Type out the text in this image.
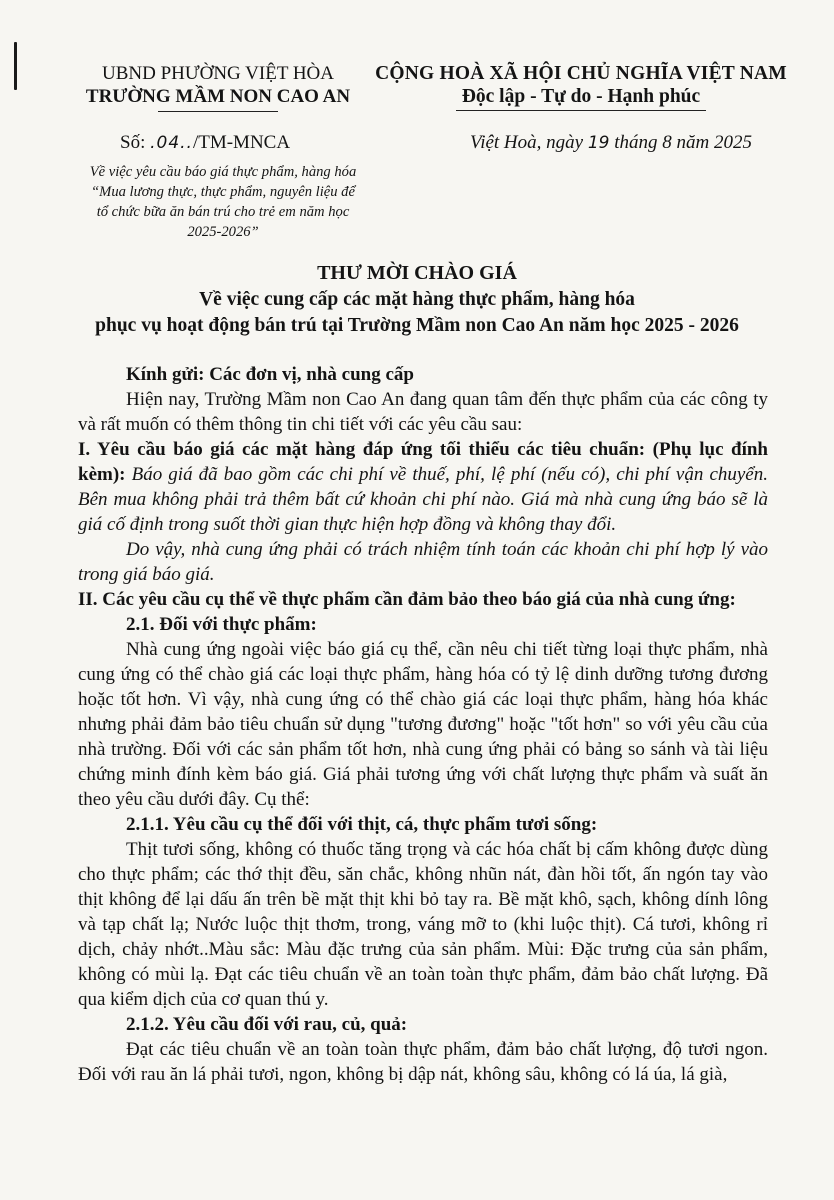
UBND PHƯỜNG VIỆT HÒA
TRƯỜNG MẦM NON CAO AN
CỘNG HOÀ XÃ HỘI CHỦ NGHĨA VIỆT NAM
Độc lập - Tự do - Hạnh phúc
Số: .04../TM-MNCA	Việt Hoà, ngày 19 tháng 8 năm 2025
Về việc yêu cầu báo giá thực phẩm, hàng hóa
“Mua lương thực, thực phẩm, nguyên liệu để
tổ chức bữa ăn bán trú cho trẻ em năm học
2025-2026”
THƯ MỜI CHÀO GIÁ
Về việc cung cấp các mặt hàng thực phẩm, hàng hóa
phục vụ hoạt động bán trú tại Trường Mầm non Cao An năm học 2025 - 2026

Kính gửi: Các đơn vị, nhà cung cấp

Hiện nay, Trường Mầm non Cao An đang quan tâm đến thực phẩm của các công ty và rất muốn có thêm thông tin chi tiết với các yêu cầu sau:

I. Yêu cầu báo giá các mặt hàng đáp ứng tối thiểu các tiêu chuẩn: (Phụ lục đính kèm): Báo giá đã bao gồm các chi phí về thuế, phí, lệ phí (nếu có), chi phí vận chuyển. Bên mua không phải trả thêm bất cứ khoản chi phí nào. Giá mà nhà cung ứng báo sẽ là giá cố định trong suốt thời gian thực hiện hợp đồng và không thay đổi.

Do vậy, nhà cung ứng phải có trách nhiệm tính toán các khoản chi phí hợp lý vào trong giá báo giá.

II. Các yêu cầu cụ thể về thực phẩm cần đảm bảo theo báo giá của nhà cung ứng:

2.1. Đối với thực phẩm:

Nhà cung ứng ngoài việc báo giá cụ thể, cần nêu chi tiết từng loại thực phẩm, nhà cung ứng có thể chào giá các loại thực phẩm, hàng hóa có tỷ lệ dinh dưỡng tương đương hoặc tốt hơn. Vì vậy, nhà cung ứng có thể chào giá các loại thực phẩm, hàng hóa khác nhưng phải đảm bảo tiêu chuẩn sử dụng "tương đương" hoặc "tốt hơn" so với yêu cầu của nhà trường. Đối với các sản phẩm tốt hơn, nhà cung ứng phải có bảng so sánh và tài liệu chứng minh đính kèm báo giá. Giá phải tương ứng với chất lượng thực phẩm và suất ăn theo yêu cầu dưới đây. Cụ thể:

2.1.1. Yêu cầu cụ thể đối với thịt, cá, thực phẩm tươi sống:

Thịt tươi sống, không có thuốc tăng trọng và các hóa chất bị cấm không được dùng cho thực phẩm; các thớ thịt đều, săn chắc, không nhũn nát, đàn hồi tốt, ấn ngón tay vào thịt không để lại dấu ấn trên bề mặt thịt khi bỏ tay ra. Bề mặt khô, sạch, không dính lông và tạp chất lạ; Nước luộc thịt thơm, trong, váng mỡ to (khi luộc thịt). Cá tươi, không rỉ dịch, chảy nhớt..Màu sắc: Màu đặc trưng của sản phẩm. Mùi: Đặc trưng của sản phẩm, không có mùi lạ. Đạt các tiêu chuẩn về an toàn toàn thực phẩm, đảm bảo chất lượng. Đã qua kiểm dịch của cơ quan thú y.

2.1.2. Yêu cầu đối với rau, củ, quả:

Đạt các tiêu chuẩn về an toàn toàn thực phẩm, đảm bảo chất lượng, độ tươi ngon. Đối với rau ăn lá phải tươi, ngon, không bị dập nát, không sâu, không có lá úa, lá già,
